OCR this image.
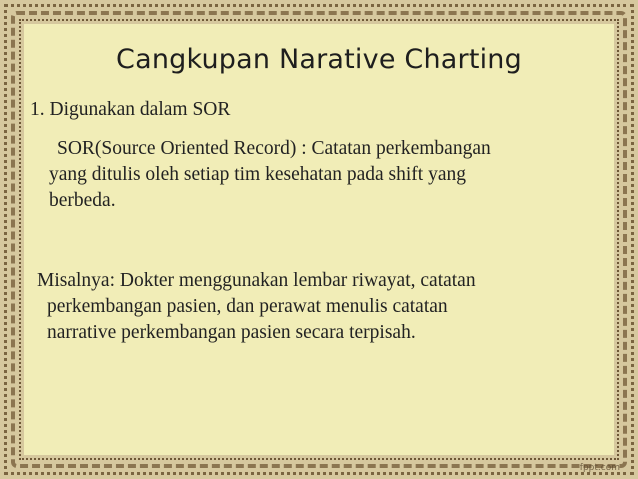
Cangkupan Narative Charting

1. Digunakan dalam SOR

SOR(Source Oriented Record) : Catatan perkembangan
yang ditulis oleh setiap tim kesehatan pada shift yang
berbeda.
Misalnya: Dokter menggunakan lembar riwayat, catatan
perkembangan pasien, dan perawat menulis catatan
narrative perkembangan pasien secara terpisah.
fppt.com
